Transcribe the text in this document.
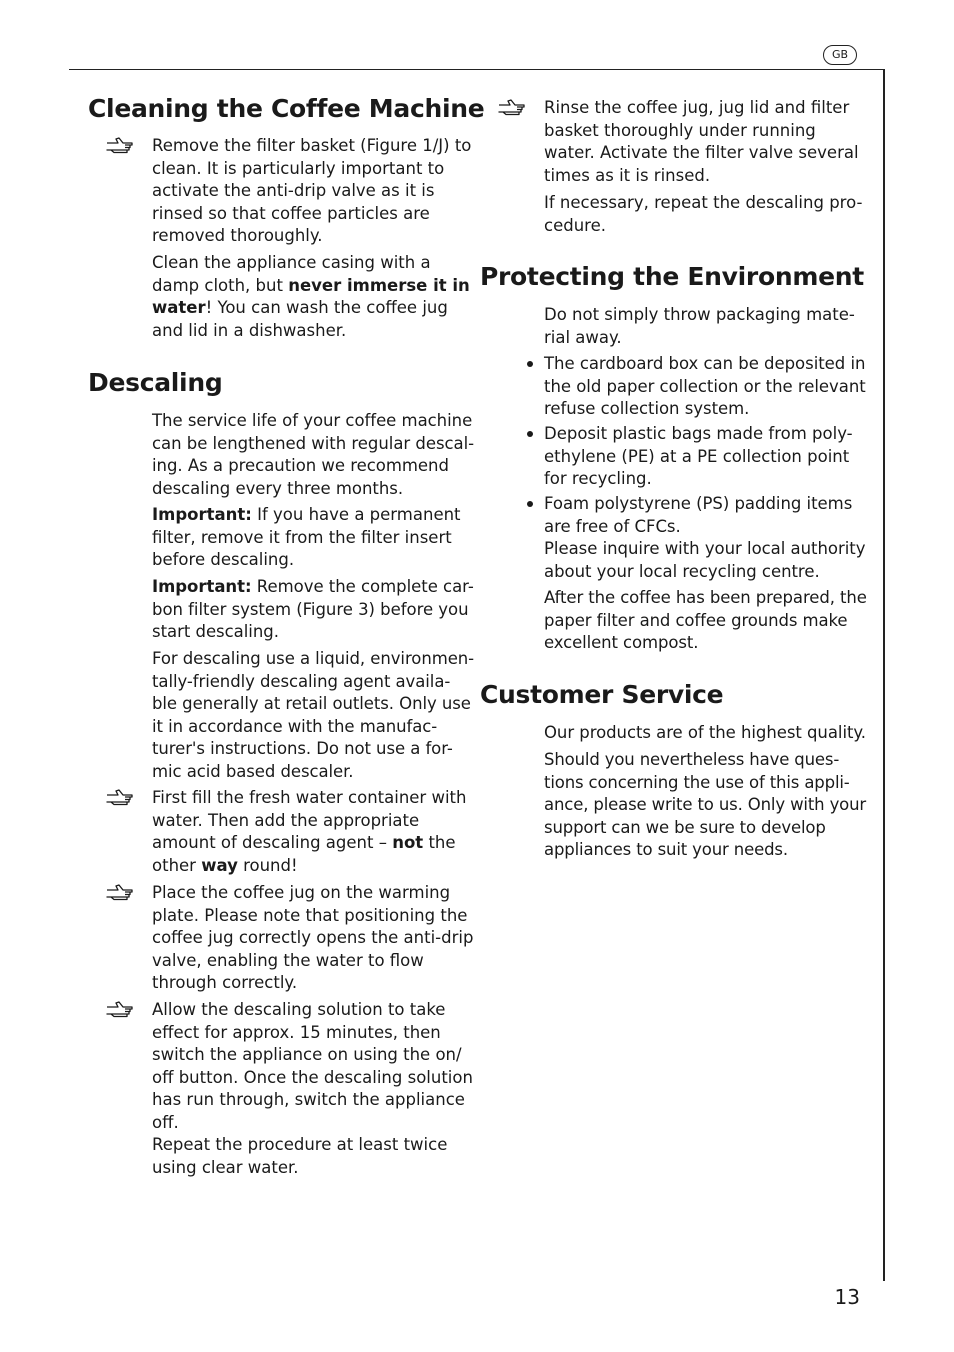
GB
13
Cleaning the Coffee Machine
Remove the filter basket (Figure 1/J) to
clean. It is particularly important to
activate the anti-drip valve as it is
rinsed so that coffee particles are
removed thoroughly.
Clean the appliance casing with a
damp cloth, but never immerse it in
water! You can wash the coffee jug
and lid in a dishwasher.
Descaling
The service life of your coffee machine
can be lengthened with regular descal-
ing. As a precaution we recommend
descaling every three months.
Important: If you have a permanent
filter, remove it from the filter insert
before descaling.
Important: Remove the complete car-
bon filter system (Figure 3) before you
start descaling.
For descaling use a liquid, environmen-
tally-friendly descaling agent availa-
ble generally at retail outlets. Only use
it in accordance with the manufac-
turer's instructions. Do not use a for-
mic acid based descaler.
First fill the fresh water container with
water. Then add the appropriate
amount of descaling agent – not the
other way round!
Place the coffee jug on the warming
plate. Please note that positioning the
coffee jug correctly opens the anti-drip
valve, enabling the water to flow
through correctly.
Allow the descaling solution to take
effect for approx. 15 minutes, then
switch the appliance on using the on/
off button. Once the descaling solution
has run through, switch the appliance
off.
Repeat the procedure at least twice
using clear water.
Rinse the coffee jug, jug lid and filter
basket thoroughly under running
water. Activate the filter valve several
times as it is rinsed.
If necessary, repeat the descaling pro-
cedure.
Protecting the Environment
Do not simply throw packaging mate-
rial away.
The cardboard box can be deposited in
the old paper collection or the relevant
refuse collection system.
Deposit plastic bags made from poly-
ethylene (PE) at a PE collection point
for recycling.
Foam polystyrene (PS) padding items
are free of CFCs.
Please inquire with your local authority
about your local recycling centre.
After the coffee has been prepared, the
paper filter and coffee grounds make
excellent compost.
Customer Service
Our products are of the highest quality.
Should you nevertheless have ques-
tions concerning the use of this appli-
ance, please write to us. Only with your
support can we be sure to develop
appliances to suit your needs.
